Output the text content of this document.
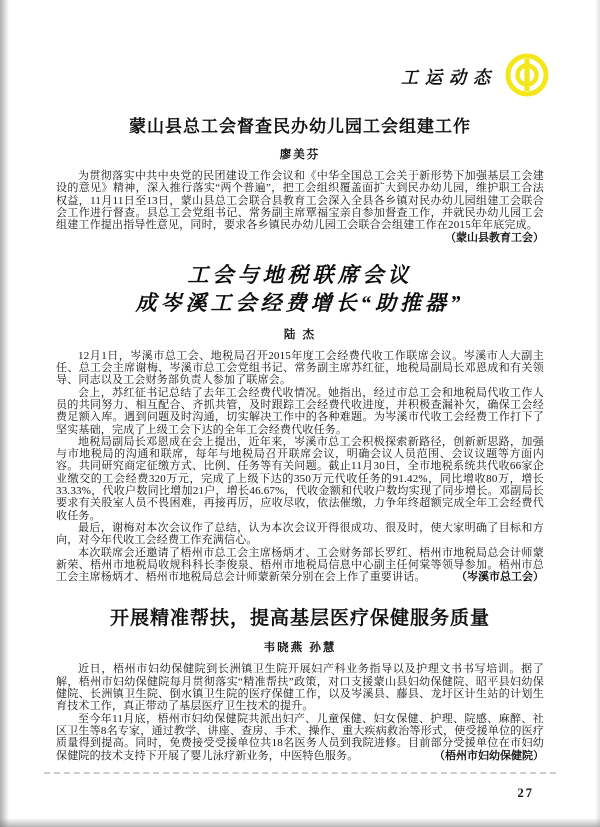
工运动态
蒙山县总工会督查民办幼儿园工会组建工作
廖美芬

为贯彻落实中共中央党的民团建设工作会议和《中华全国总工会关于新形势下加强基层工会建设的意见》精神，深入推行落实“两个普遍”，把工会组织覆盖面扩大到民办幼儿园，维护职工合法权益，11月11日至13日，蒙山县总工会联合县教育工会深入全县各乡镇对民办幼儿园组建工会联合会工作进行督查。县总工会党组书记、常务副主席覃福宝亲自参加督查工作，并就民办幼儿园工会组建工作提出指导性意见，同时，要求各乡镇民办幼儿园工会联合会组建工作在2015年年底完成。

（蒙山县教育工会）
工会与地税联席会议
成岑溪工会经费增长“助推器”
陆 杰

12月1日，岑溪市总工会、地税局召开2015年度工会经费代收工作联席会议。岑溪市人大副主任、总工会主席谢梅、岑溪市总工会党组书记、常务副主席苏红征，地税局副局长邓恩成和有关领导、同志以及工会财务部负责人参加了联席会。

会上，苏红征书记总结了去年工会经费代收情况。她指出，经过市总工会和地税局代收工作人员的共同努力、相互配合、齐抓共管，及时跟踪工会经费代收进度，并积极查漏补欠，确保工会经费足额入库。遇到问题及时沟通，切实解决工作中的各种难题。为岑溪市代收工会经费工作打下了坚实基础，完成了上级工会下达的全年工会经费代收任务。

地税局副局长邓恩成在会上提出，近年来，岑溪市总工会积极探索新路径，创新新思路，加强与市地税局的沟通和联席，每年与地税局召开联席会议，明确会议人员范围、会议议题等方面内容。共同研究商定征缴方式、比例、任务等有关问题。截止11月30日，全市地税系统共代收66家企业缴交的工会经费320万元，完成了上级下达的350万元代收任务的91.42%，同比增收80万，增长33.33%，代收户数同比增加21户，增长46.67%，代收金额和代收户数均实现了同步增长。邓副局长要求有关股室人员不畏困难，再接再厉，应收尽收，依法催缴，力争年终超额完成全年工会经费代收任务。

最后，谢梅对本次会议作了总结，认为本次会议开得很成功、很及时，使大家明确了目标和方向，对今年代收工会经费工作充满信心。

本次联席会还邀请了梧州市总工会主席杨炳才、工会财务部长罗红、梧州市地税局总会计师蒙新荣、梧州市地税局收规科科长李俊泉、梧州市地税局信息中心副主任何棠等领导参加。梧州市总工会主席杨炳才、梧州市地税局总会计师蒙新荣分别在会上作了重要讲话。	（岑溪市总工会）
开展精准帮扶，提高基层医疗保健服务质量
韦晓燕 孙慧

近日，梧州市妇幼保健院到长洲镇卫生院开展妇产科业务指导以及护理文书书写培训。据了解，梧州市妇幼保健院每月贯彻落实“精准帮扶”政策，对口支援蒙山县妇幼保健院、昭平县妇幼保健院、长洲镇卫生院、倒水镇卫生院的医疗保健工作，以及岑溪县、藤县、龙圩区计生站的计划生育技术工作，真正带动了基层医疗卫生技术的提升。

至今年11月底，梧州市妇幼保健院共派出妇产、儿童保健、妇女保健、护理、院感、麻醉、社区卫生等8名专家，通过教学、讲座、查房、手术、操作、重大疾病救治等形式，使受援单位的医疗质量得到提高。同时，免费接受受援单位共18名医务人员到我院进修。目前部分受援单位在市妇幼保健院的技术支持下开展了婴儿泳疗新业务，中医特色服务。	（梧州市妇幼保健院）
27
